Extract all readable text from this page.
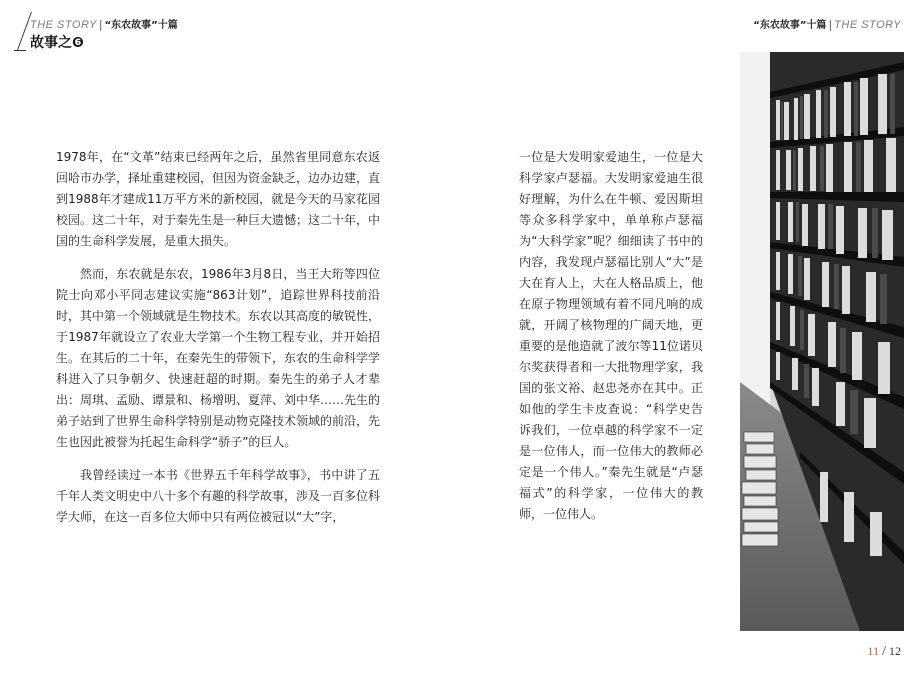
THE STORY | “东农故事”十篇
故事之❻
“东农故事”十篇 | THE STORY

1978年，在“文革”结束已经两年之后，虽然省里同意东农返回哈市办学，择址重建校园，但因为资金缺乏，边办边建，直到1988年才建成11万平方米的新校园，就是今天的马家花园校园。这二十年，对于秦先生是一种巨大遗憾；这二十年，中国的生命科学发展，是重大损失。

然而，东农就是东农，1986年3月8日，当王大珩等四位院士向邓小平同志建议实施“863计划”，追踪世界科技前沿时，其中第一个领域就是生物技术。东农以其高度的敏锐性，于1987年就设立了农业大学第一个生物工程专业，并开始招生。在其后的二十年，在秦先生的带领下，东农的生命科学学科进入了只争朝夕、快速赶超的时期。秦先生的弟子人才辈出：周琪、孟励、谭景和、杨增明、夏萍、刘中华……先生的弟子站到了世界生命科学特别是动物克隆技术领域的前沿，先生也因此被誉为托起生命科学“骄子”的巨人。

我曾经读过一本书《世界五千年科学故事》，书中讲了五千年人类文明史中八十多个有趣的科学故事，涉及一百多位科学大师，在这一百多位大师中只有两位被冠以“大”字，

一位是大发明家爱迪生，一位是大科学家卢瑟福。大发明家爱迪生很好理解，为什么在牛顿、爱因斯坦等众多科学家中，单单称卢瑟福为“大科学家”呢？细细读了书中的内容，我发现卢瑟福比别人“大”是大在育人上，大在人格品质上，他在原子物理领域有着不同凡响的成就，开阔了核物理的广阔天地，更重要的是他造就了波尔等11位诺贝尔奖获得者和一大批物理学家，我国的张文裕、赵忠尧亦在其中。正如他的学生卡皮查说：“科学史告诉我们，一位卓越的科学家不一定是一位伟人，而一位伟大的教师必定是一个伟人。”秦先生就是“卢瑟福式”的科学家，一位伟大的教师，一位伟人。

11 / 12
